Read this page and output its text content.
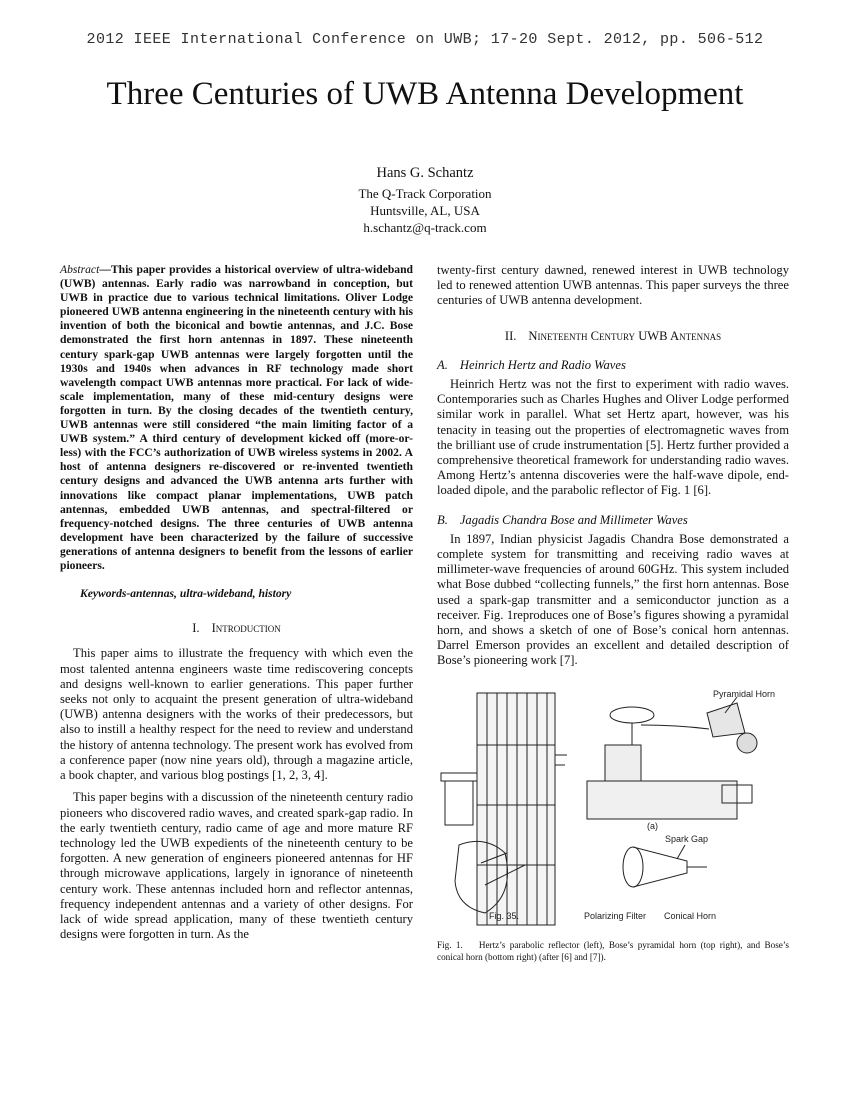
2012 IEEE International Conference on UWB; 17-20 Sept. 2012, pp. 506-512
Three Centuries of UWB Antenna Development
Hans G. Schantz
The Q-Track Corporation
Huntsville, AL, USA
h.schantz@q-track.com

Abstract—This paper provides a historical overview of ultra-wideband (UWB) antennas. Early radio was narrowband in conception, but UWB in practice due to various technical limitations. Oliver Lodge pioneered UWB antenna engineering in the nineteenth century with his invention of both the biconical and bowtie antennas, and J.C. Bose demonstrated the first horn antennas in 1897. These nineteenth century spark-gap UWB antennas were largely forgotten until the 1930s and 1940s when advances in RF technology made short wavelength compact UWB antennas more practical. For lack of wide-scale implementation, many of these mid-century designs were forgotten in turn. By the closing decades of the twentieth century, UWB antennas were still considered “the main limiting factor of a UWB system.” A third century of development kicked off (more-or-less) with the FCC’s authorization of UWB wireless systems in 2002. A host of antenna designers re-discovered or re-invented twentieth century designs and advanced the UWB antenna arts further with innovations like compact planar implementations, UWB patch antennas, embedded UWB antennas, and spectral-filtered or frequency-notched designs. The three centuries of UWB antenna development have been characterized by the failure of successive generations of antenna designers to benefit from the lessons of earlier pioneers.

Keywords-antennas, ultra-wideband, history
I. Introduction

This paper aims to illustrate the frequency with which even the most talented antenna engineers waste time rediscovering concepts and designs well-known to earlier generations. This paper further seeks not only to acquaint the present generation of ultra-wideband (UWB) antenna designers with the works of their predecessors, but also to instill a healthy respect for the need to review and understand the history of antenna technology. The present work has evolved from a conference paper (now nine years old), through a magazine article, a book chapter, and various blog postings [1, 2, 3, 4].

This paper begins with a discussion of the nineteenth century radio pioneers who discovered radio waves, and created spark-gap radio. In the early twentieth century, radio came of age and more mature RF technology led the UWB expedients of the nineteenth century to be forgotten. A new generation of engineers pioneered antennas for HF through microwave applications, largely in ignorance of nineteenth century work. These antennas included horn and reflector antennas, frequency independent antennas and a variety of other designs. For lack of wide spread application, many of these twentieth century designs were forgotten in turn. As the

twenty-first century dawned, renewed interest in UWB technology led to renewed attention UWB antennas. This paper surveys the three centuries of UWB antenna development.

II. Nineteenth Century UWB Antennas
A. Heinrich Hertz and Radio Waves

Heinrich Hertz was not the first to experiment with radio waves. Contemporaries such as Charles Hughes and Oliver Lodge performed similar work in parallel. What set Hertz apart, however, was his tenacity in teasing out the properties of electromagnetic waves from the brilliant use of crude instrumentation [5]. Hertz further provided a comprehensive theoretical framework for understanding radio waves. Among Hertz’s antenna discoveries were the half-wave dipole, end-loaded dipole, and the parabolic reflector of Fig. 1 [6].

B. Jagadis Chandra Bose and Millimeter Waves

In 1897, Indian physicist Jagadis Chandra Bose demonstrated a complete system for transmitting and receiving radio waves at millimeter-wave frequencies of around 60GHz. This system included what Bose dubbed “collecting funnels,” the first horn antennas. Bose used a spark-gap transmitter and a semiconductor junction as a receiver. Fig. 1reproduces one of Bose’s figures showing a pyramidal horn, and shows a sketch of one of Bose’s conical horn antennas. Darrel Emerson provides an excellent and detailed description of Bose’s pioneering work [7].

Pyramidal Horn
Spark Gap
Polarizing Filter Conical Horn
Fig. 35.
(a)
Fig. 1. Hertz’s parabolic reflector (left), Bose’s pyramidal horn (top right), and Bose’s conical horn (bottom right) (after [6] and [7]).
